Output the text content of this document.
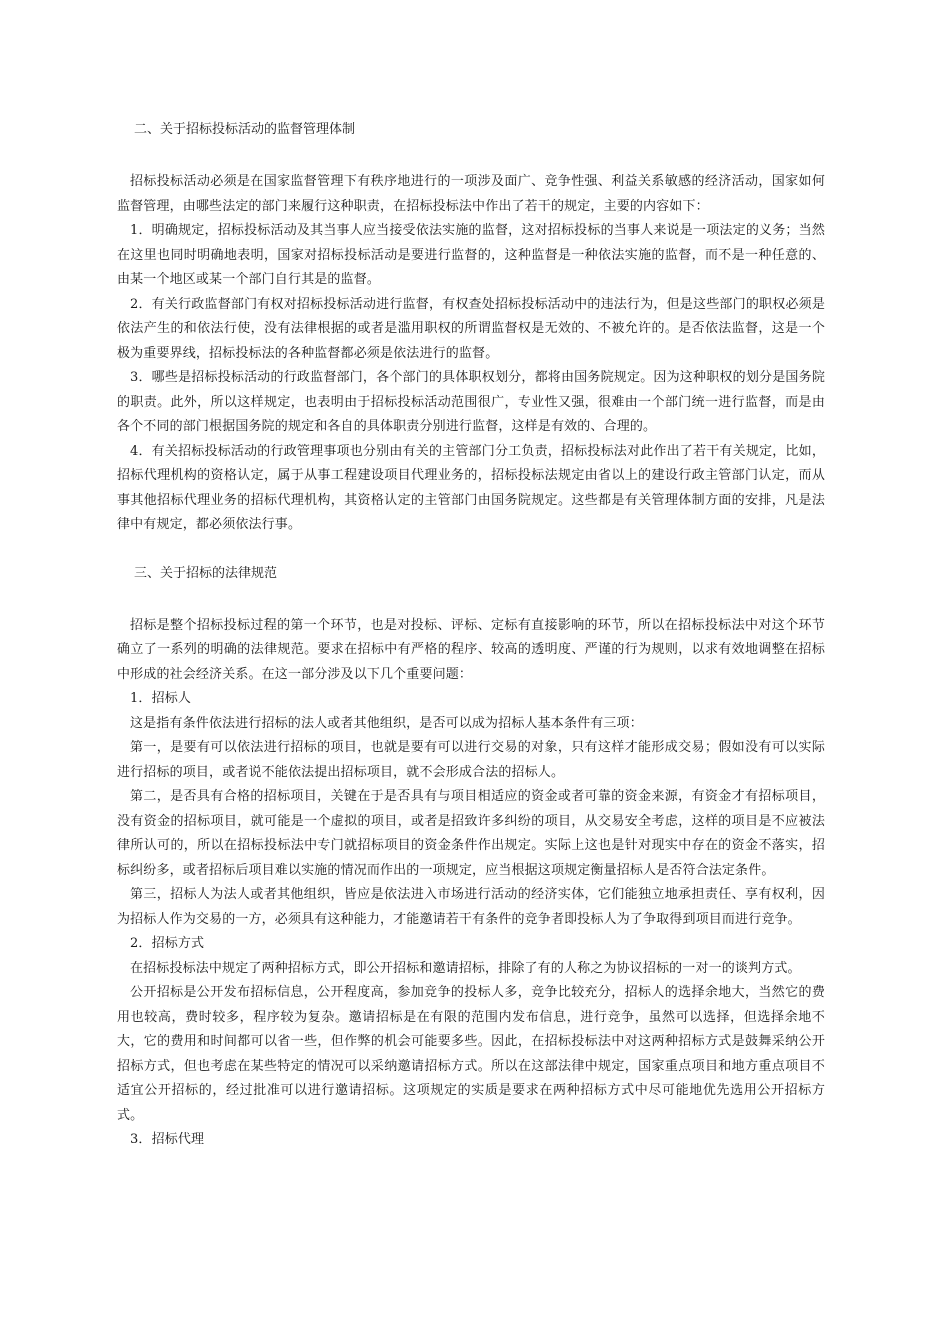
二、关于招标投标活动的监督管理体制

招标投标活动必须是在国家监督管理下有秩序地进行的一项涉及面广、竞争性强、利益关系敏感的经济活动，国家如何监督管理，由哪些法定的部门来履行这种职责，在招标投标法中作出了若干的规定，主要的内容如下：

1．明确规定，招标投标活动及其当事人应当接受依法实施的监督，这对招标投标的当事人来说是一项法定的义务；当然在这里也同时明确地表明，国家对招标投标活动是要进行监督的，这种监督是一种依法实施的监督，而不是一种任意的、由某一个地区或某一个部门自行其是的监督。

2．有关行政监督部门有权对招标投标活动进行监督，有权查处招标投标活动中的违法行为，但是这些部门的职权必须是依法产生的和依法行使，没有法律根据的或者是滥用职权的所谓监督权是无效的、不被允许的。是否依法监督，这是一个极为重要界线，招标投标法的各种监督都必须是依法进行的监督。

3．哪些是招标投标活动的行政监督部门，各个部门的具体职权划分，都将由国务院规定。因为这种职权的划分是国务院的职责。此外，所以这样规定，也表明由于招标投标活动范围很广，专业性又强，很难由一个部门统一进行监督，而是由各个不同的部门根据国务院的规定和各自的具体职责分别进行监督，这样是有效的、合理的。

4．有关招标投标活动的行政管理事项也分别由有关的主管部门分工负责，招标投标法对此作出了若干有关规定，比如，招标代理机构的资格认定，属于从事工程建设项目代理业务的，招标投标法规定由省以上的建设行政主管部门认定，而从事其他招标代理业务的招标代理机构，其资格认定的主管部门由国务院规定。这些都是有关管理体制方面的安排，凡是法律中有规定，都必须依法行事。

三、关于招标的法律规范

招标是整个招标投标过程的第一个环节，也是对投标、评标、定标有直接影响的环节，所以在招标投标法中对这个环节确立了一系列的明确的法律规范。要求在招标中有严格的程序、较高的透明度、严谨的行为规则，以求有效地调整在招标中形成的社会经济关系。在这一部分涉及以下几个重要问题：

1．招标人

这是指有条件依法进行招标的法人或者其他组织，是否可以成为招标人基本条件有三项：

第一，是要有可以依法进行招标的项目，也就是要有可以进行交易的对象，只有这样才能形成交易；假如没有可以实际进行招标的项目，或者说不能依法提出招标项目，就不会形成合法的招标人。

第二，是否具有合格的招标项目，关键在于是否具有与项目相适应的资金或者可靠的资金来源，有资金才有招标项目，没有资金的招标项目，就可能是一个虚拟的项目，或者是招致许多纠纷的项目，从交易安全考虑，这样的项目是不应被法律所认可的，所以在招标投标法中专门就招标项目的资金条件作出规定。实际上这也是针对现实中存在的资金不落实，招标纠纷多，或者招标后项目难以实施的情况而作出的一项规定，应当根据这项规定衡量招标人是否符合法定条件。

第三，招标人为法人或者其他组织，皆应是依法进入市场进行活动的经济实体，它们能独立地承担责任、享有权利，因为招标人作为交易的一方，必须具有这种能力，才能邀请若干有条件的竞争者即投标人为了争取得到项目而进行竞争。

2．招标方式

在招标投标法中规定了两种招标方式，即公开招标和邀请招标，排除了有的人称之为协议招标的一对一的谈判方式。

公开招标是公开发布招标信息，公开程度高，参加竞争的投标人多，竞争比较充分，招标人的选择余地大，当然它的费用也较高，费时较多，程序较为复杂。邀请招标是在有限的范围内发布信息，进行竞争，虽然可以选择，但选择余地不大，它的费用和时间都可以省一些，但作弊的机会可能要多些。因此，在招标投标法中对这两种招标方式是鼓舞采纳公开招标方式，但也考虑在某些特定的情况可以采纳邀请招标方式。所以在这部法律中规定，国家重点项目和地方重点项目不适宜公开招标的，经过批准可以进行邀请招标。这项规定的实质是要求在两种招标方式中尽可能地优先选用公开招标方式。

3．招标代理
